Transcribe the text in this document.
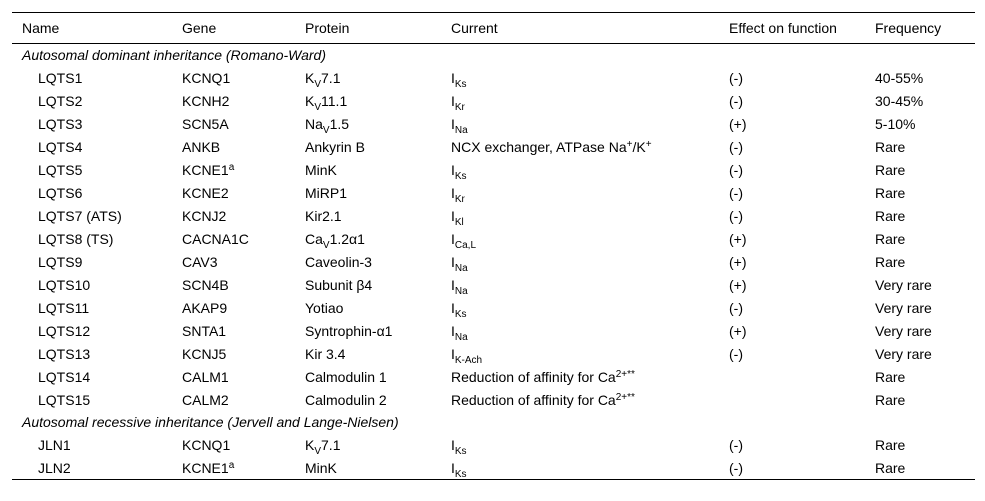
Name	Gene	Protein	Current	Effect on function	Frequency
Autosomal dominant inheritance (Romano-Ward)					
LQTS1	KCNQ1	$K_V7.1$	$I_{Ks}$	(-)	40-55%
LQTS2	KCNH2	$K_V11.1$	$I_{Kr}$	(-)	30-45%
LQTS3	SCN5A	$Na_V1.5$	$I_{Na}$	(+)	5-10%
LQTS4	ANKB	Ankyrin B	NCX exchanger, ATPase Na+/K+	(-)	Rare
LQTS5	KCNE1$^a$	MinK	$I_{Ks}$	(-)	Rare
LQTS6	KCNE2	MiRP1	$I_{Kr}$	(-)	Rare
LQTS7 (ATS)	KCNJ2	Kir2.1	$I_{Kl}$	(-)	Rare
LQTS8 (TS)	CACNA1C	$Ca_V1.2\alpha 1$	$I_{Ca,L}$	(+)	Rare
LQTS9	CAV3	Caveolin-3	$I_{Na}$	(+)	Rare
LQTS10	SCN4B	Subunit β4	$I_{Na}$	(+)	Very rare
LQTS11	AKAP9	Yotiao	$I_{Ks}$	(-)	Very rare
LQTS12	SNTA1	Syntrophin-α1	$I_{Na}$	(+)	Very rare
LQTS13	KCNJ5	Kir 3.4	$I_{K-Ach}$	(-)	Very rare
LQTS14	CALM1	Calmodulin 1	Reduction of affinity for $Ca^{2+**}$		Rare
LQTS15	CALM2	Calmodulin 2	Reduction of affinity for $Ca^{2+**}$		Rare
Autosomal recessive inheritance (Jervell and Lange-Nielsen)					
JLN1	KCNQ1	$K_V7.1$	$I_{Ks}$	(-)	Rare
JLN2	KCNE1$^a$	MinK	$I_{Ks}$	(-)	Rare
